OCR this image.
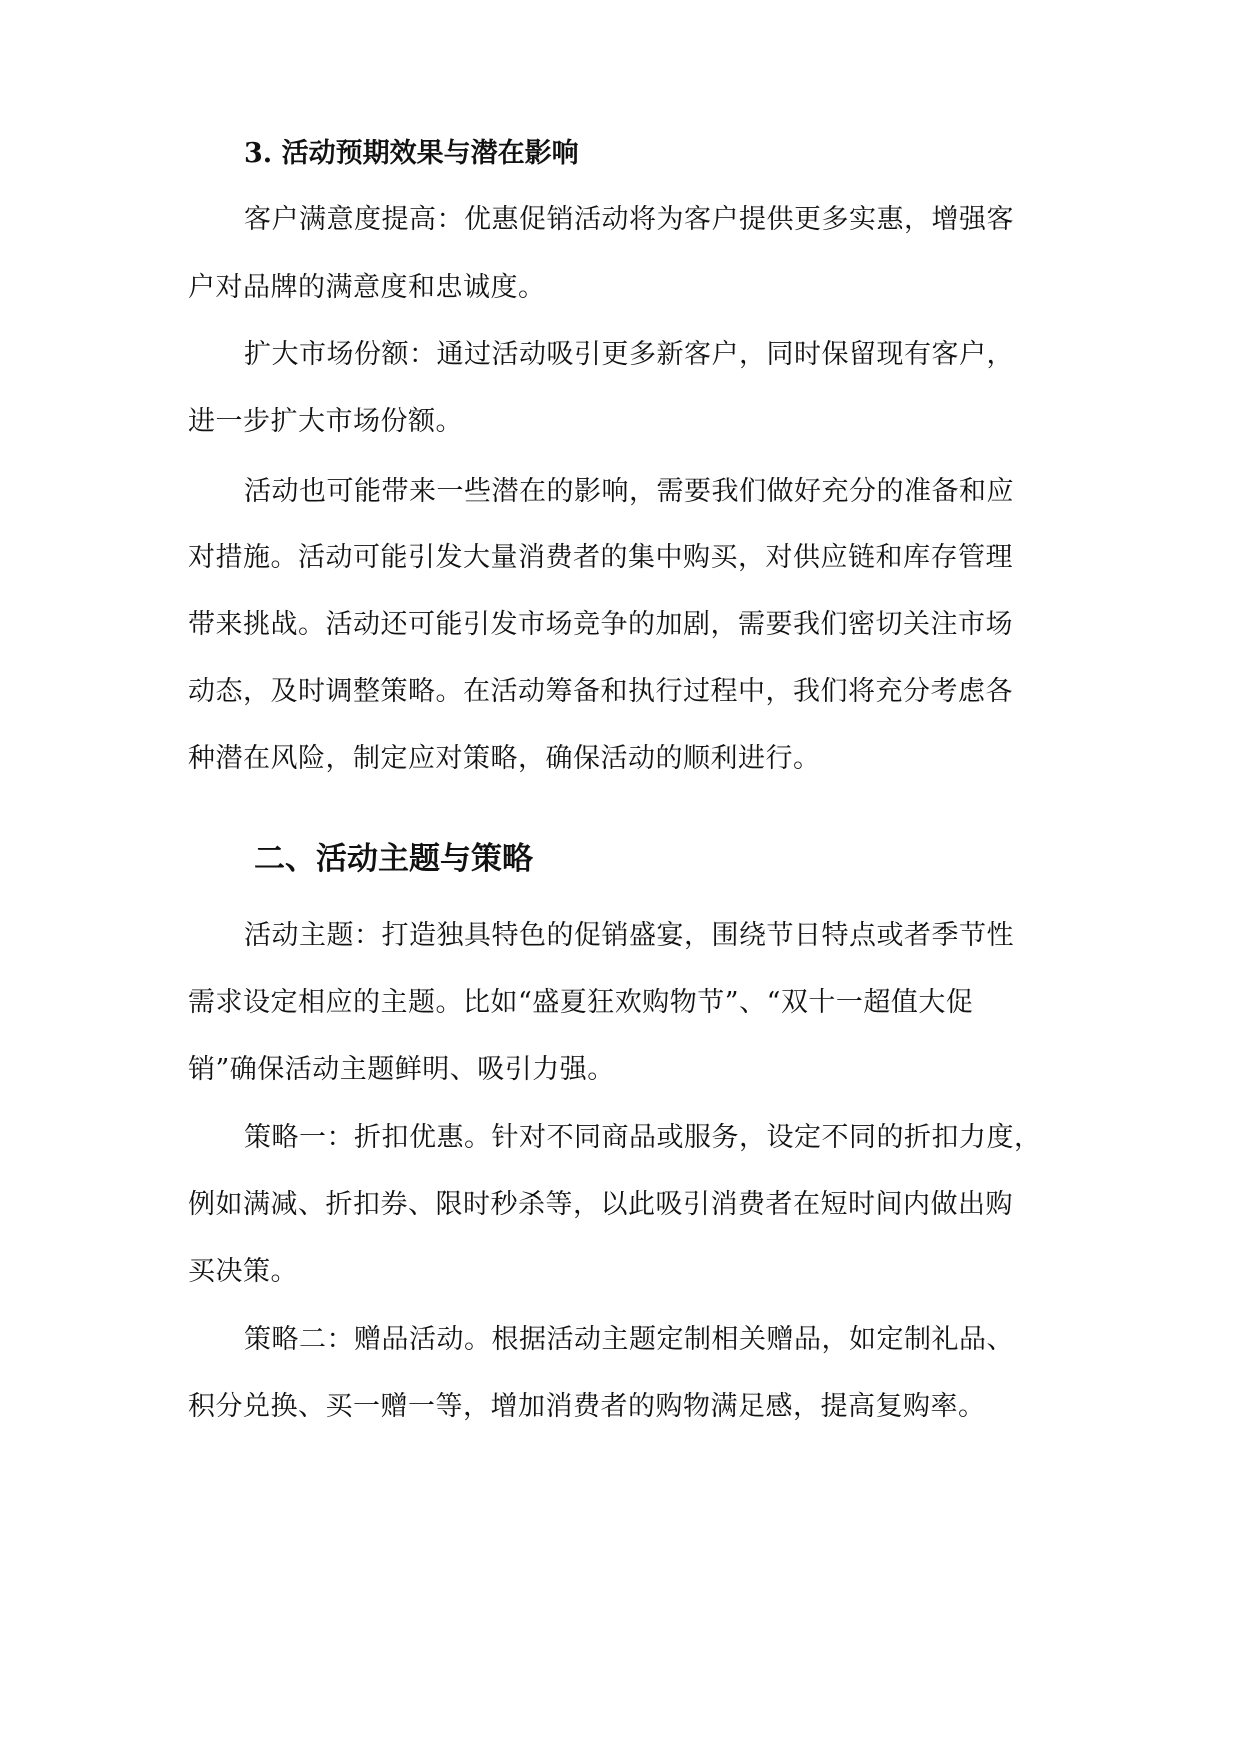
3. 活动预期效果与潜在影响
客户满意度提高：优惠促销活动将为客户提供更多实惠，增强客
户对品牌的满意度和忠诚度。
扩大市场份额：通过活动吸引更多新客户，同时保留现有客户，
进一步扩大市场份额。
活动也可能带来一些潜在的影响，需要我们做好充分的准备和应
对措施。活动可能引发大量消费者的集中购买，对供应链和库存管理
带来挑战。活动还可能引发市场竞争的加剧，需要我们密切关注市场
动态，及时调整策略。在活动筹备和执行过程中，我们将充分考虑各
种潜在风险，制定应对策略，确保活动的顺利进行。
二、活动主题与策略
活动主题：打造独具特色的促销盛宴，围绕节日特点或者季节性
需求设定相应的主题。比如“盛夏狂欢购物节”、“双十一超值大促
销”确保活动主题鲜明、吸引力强。
策略一：折扣优惠。针对不同商品或服务，设定不同的折扣力度，
例如满减、折扣券、限时秒杀等，以此吸引消费者在短时间内做出购
买决策。
策略二：赠品活动。根据活动主题定制相关赠品，如定制礼品、
积分兑换、买一赠一等，增加消费者的购物满足感，提高复购率。
